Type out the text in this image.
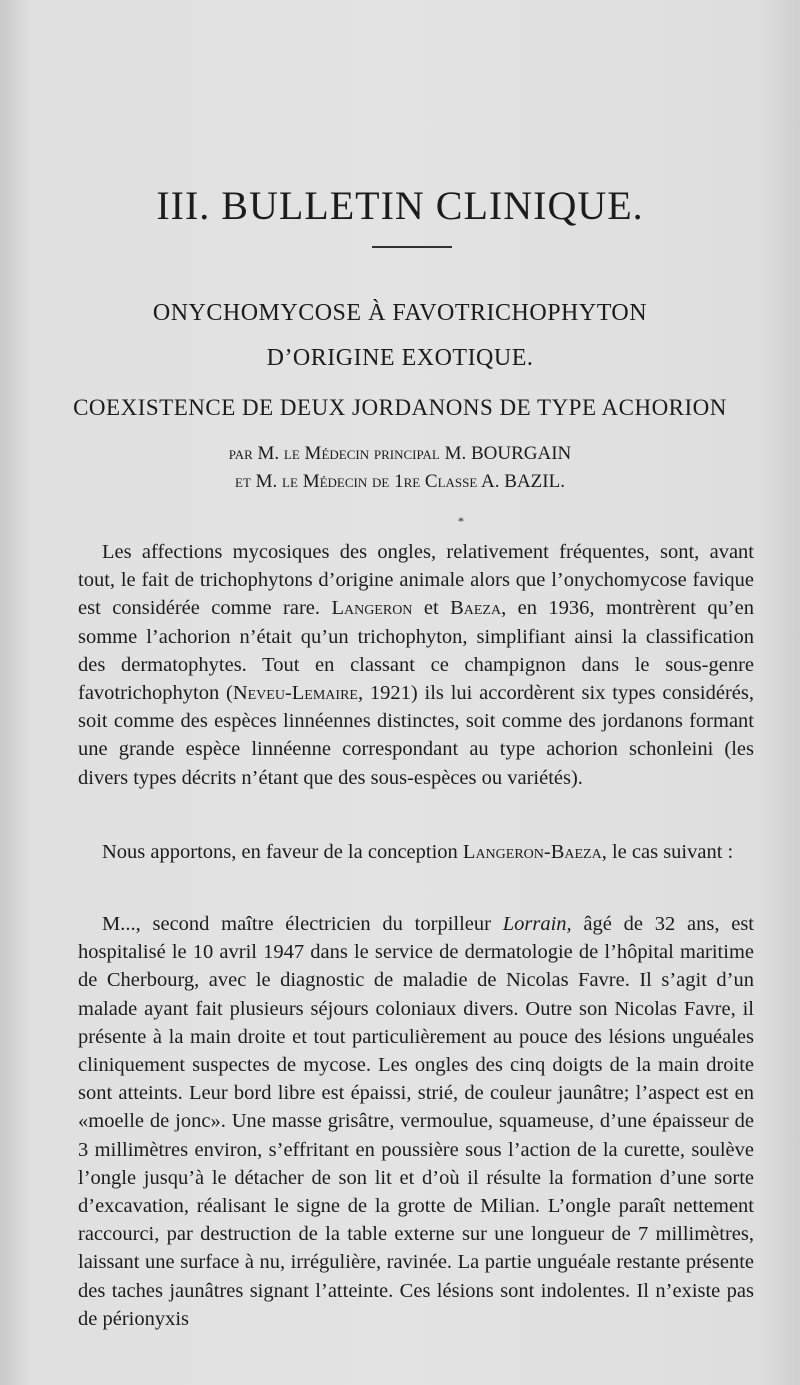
III. BULLETIN CLINIQUE.
ONYCHOMYCOSE À FAVOTRICHOPHYTON
D’ORIGINE EXOTIQUE.
COEXISTENCE DE DEUX JORDANONS DE TYPE ACHORION

par M. le Médecin principal M. BOURGAIN

et M. le Médecin de 1re Classe A. BAZIL.

*

Les affections mycosiques des ongles, relativement fréquentes, sont, avant tout, le fait de trichophytons d’origine animale alors que l’onychomycose favique est considérée comme rare. Langeron et Baeza, en 1936, montrèrent qu’en somme l’achorion n’était qu’un trichophyton, simplifiant ainsi la classification des dermatophytes. Tout en classant ce champignon dans le sous-genre favotrichophyton (Neveu-Lemaire, 1921) ils lui accordèrent six types considérés, soit comme des espèces linnéennes distinctes, soit comme des jordanons formant une grande espèce linnéenne correspondant au type achorion schonleini (les divers types décrits n’étant que des sous-espèces ou variétés).

Nous apportons, en faveur de la conception Langeron-Baeza, le cas suivant :

M..., second maître électricien du torpilleur Lorrain, âgé de 32 ans, est hospitalisé le 10 avril 1947 dans le service de dermatologie de l’hôpital maritime de Cherbourg, avec le diagnostic de maladie de Nicolas Favre. Il s’agit d’un malade ayant fait plusieurs séjours coloniaux divers. Outre son Nicolas Favre, il présente à la main droite et tout particulièrement au pouce des lésions unguéales cliniquement suspectes de mycose. Les ongles des cinq doigts de la main droite sont atteints. Leur bord libre est épaissi, strié, de couleur jaunâtre; l’aspect est en «moelle de jonc». Une masse grisâtre, vermoulue, squameuse, d’une épaisseur de 3 millimètres environ, s’effritant en poussière sous l’action de la curette, soulève l’ongle jusqu’à le détacher de son lit et d’où il résulte la formation d’une sorte d’excavation, réalisant le signe de la grotte de Milian. L’ongle paraît nettement raccourci, par destruction de la table externe sur une longueur de 7 millimètres, laissant une surface à nu, irrégulière, ravinée. La partie unguéale restante présente des taches jaunâtres signant l’atteinte. Ces lésions sont indolentes. Il n’existe pas de périonyxis
